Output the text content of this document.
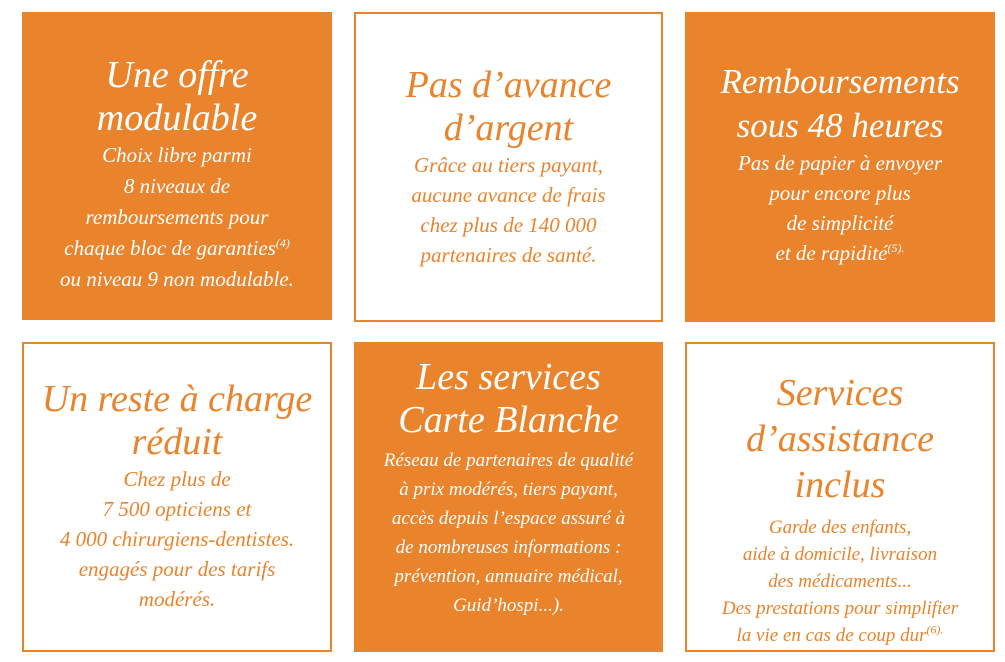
Une offre
modulable
Choix libre parmi
8 niveaux de
remboursements pour
chaque bloc de garanties$^{(4)}$
ou niveau 9 non modulable.
Pas d’avance
d’argent
Grâce au tiers payant,
aucune avance de frais
chez plus de 140 000
partenaires de santé.
Remboursements
sous 48 heures
Pas de papier à envoyer
pour encore plus
de simplicité
et de rapidité$^{(5).}$
Un reste à charge
réduit
Chez plus de
7 500 opticiens et
4 000 chirurgiens-dentistes.
engagés pour des tarifs
modérés.
Les services
Carte Blanche
Réseau de partenaires de qualité
à prix modérés, tiers payant,
accès depuis l’espace assuré à
de nombreuses informations :
prévention, annuaire médical,
Guid’hospi...).
Services
d’assistance
inclus
Garde des enfants,
aide à domicile, livraison
des médicaments...
Des prestations pour simplifier
la vie en cas de coup dur$^{(6).}$
